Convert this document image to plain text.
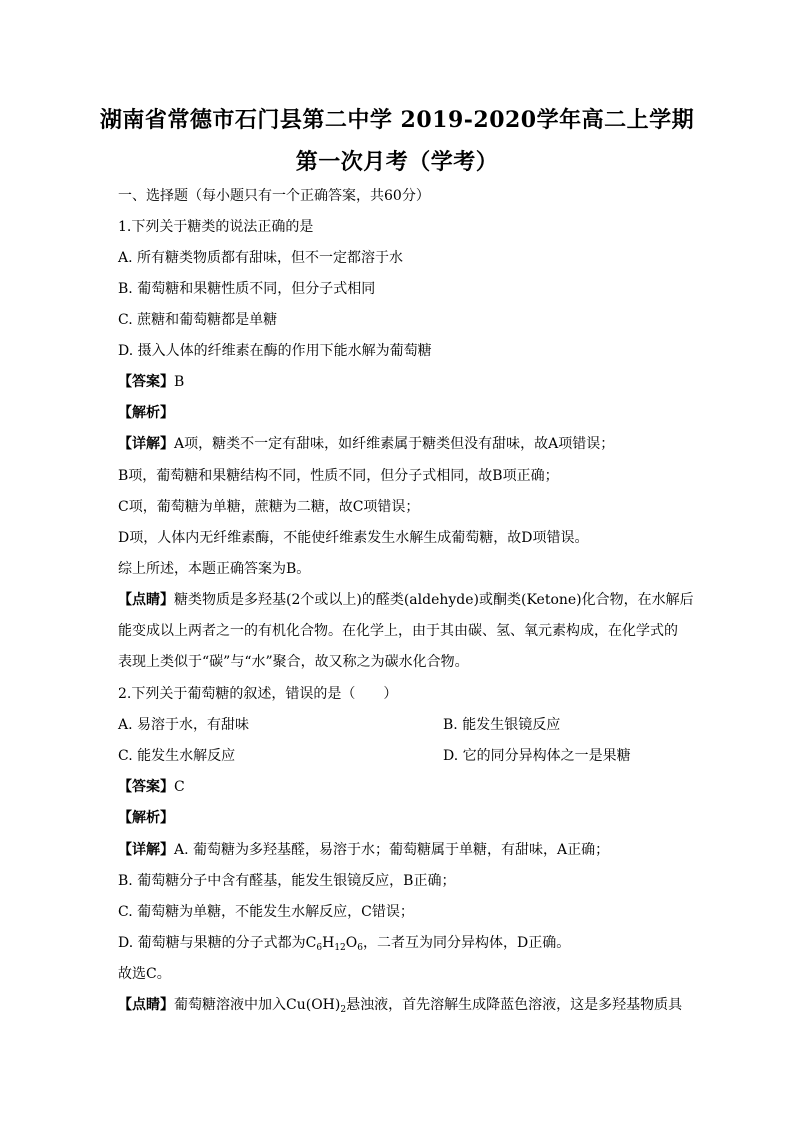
湖南省常德市石门县第二中学 2019-2020学年高二上学期
第一次月考（学考）
一、选择题（每小题只有一个正确答案，共60分）
1.下列关于糖类的说法正确的是
A. 所有糖类物质都有甜味，但不一定都溶于水
B. 葡萄糖和果糖性质不同，但分子式相同
C. 蔗糖和葡萄糖都是单糖
D. 摄入人体的纤维素在酶的作用下能水解为葡萄糖
【答案】B
【解析】
【详解】A项，糖类不一定有甜味，如纤维素属于糖类但没有甜味，故A项错误；
B项，葡萄糖和果糖结构不同，性质不同，但分子式相同，故B项正确；
C项，葡萄糖为单糖，蔗糖为二糖，故C项错误；
D项，人体内无纤维素酶，不能使纤维素发生水解生成葡萄糖，故D项错误。
综上所述，本题正确答案为B。
【点睛】糖类物质是多羟基(2个或以上)的醛类(aldehyde)或酮类(Ketone)化合物，在水解后
能变成以上两者之一的有机化合物。在化学上，由于其由碳、氢、氧元素构成，在化学式的
表现上类似于“碳”与“水”聚合，故又称之为碳水化合物。
2.下列关于葡萄糖的叙述，错误的是（　　）
A. 易溶于水，有甜味	B. 能发生银镜反应
C. 能发生水解反应	D. 它的同分异构体之一是果糖
【答案】C
【解析】
【详解】A. 葡萄糖为多羟基醛，易溶于水；葡萄糖属于单糖，有甜味，A正确；
B. 葡萄糖分子中含有醛基，能发生银镜反应，B正确；
C. 葡萄糖为单糖，不能发生水解反应，C错误；
D. 葡萄糖与果糖的分子式都为$C_6H_{12}O_6$，二者互为同分异构体，D正确。
故选C。
【点睛】葡萄糖溶液中加入$Cu(OH)_2$悬浊液，首先溶解生成降蓝色溶液，这是多羟基物质具
